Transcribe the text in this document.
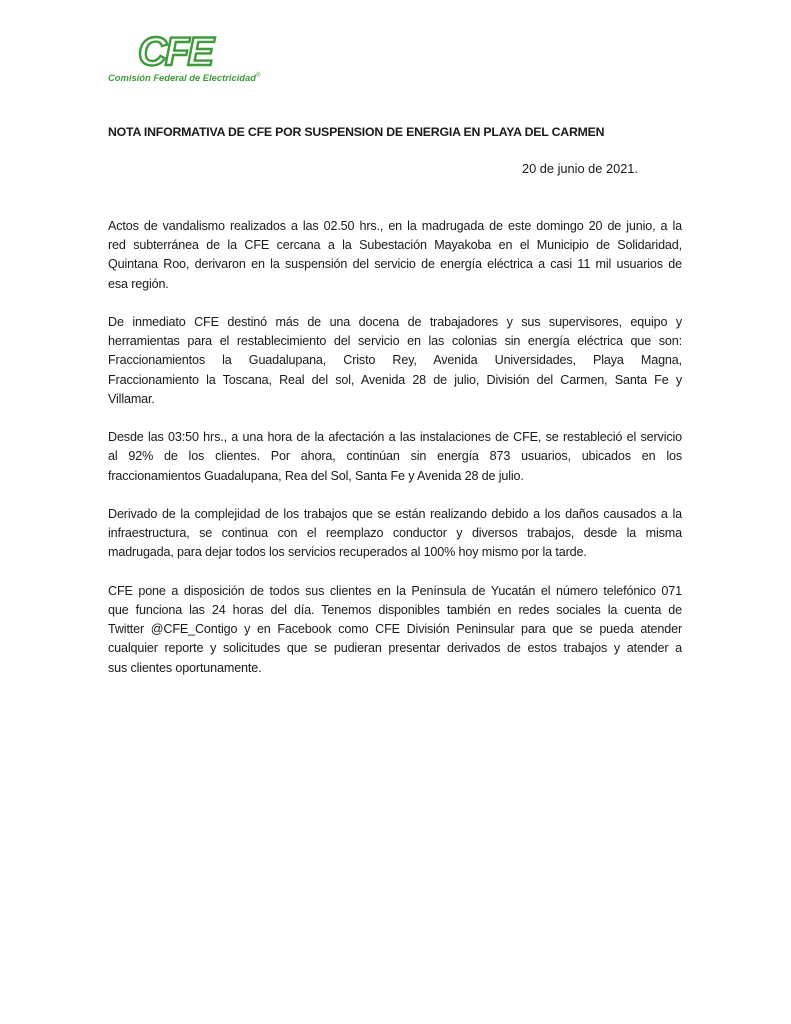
CFE
Comisión Federal de Electricidad®
NOTA INFORMATIVA DE CFE POR SUSPENSION DE ENERGIA EN PLAYA DEL CARMEN
20 de junio de 2021.

Actos de vandalismo realizados a las 02.50 hrs., en la madrugada de este domingo 20 de junio, a la
red subterránea de la CFE cercana a la Subestación Mayakoba en el Municipio de Solidaridad,
Quintana Roo, derivaron en la suspensión del servicio de energía eléctrica a casi 11 mil usuarios de
esa región.

De inmediato CFE destinó más de una docena de trabajadores y sus supervisores, equipo y
herramientas para el restablecimiento del servicio en las colonias sin energía eléctrica que son:
Fraccionamientos la Guadalupana, Cristo Rey, Avenida Universidades, Playa Magna,
Fraccionamiento la Toscana, Real del sol, Avenida 28 de julio, División del Carmen, Santa Fe y
Villamar.

Desde las 03:50 hrs., a una hora de la afectación a las instalaciones de CFE, se restableció el servicio
al 92% de los clientes. Por ahora, continúan sin energía 873 usuarios, ubicados en los
fraccionamientos Guadalupana, Rea del Sol, Santa Fe y Avenida 28 de julio.

Derivado de la complejidad de los trabajos que se están realizando debido a los daños causados a la
infraestructura, se continua con el reemplazo conductor y diversos trabajos, desde la misma
madrugada, para dejar todos los servicios recuperados al 100% hoy mismo por la tarde.

CFE pone a disposición de todos sus clientes en la Península de Yucatán el número telefónico 071
que funciona las 24 horas del día. Tenemos disponibles también en redes sociales la cuenta de
Twitter @CFE_Contigo y en Facebook como CFE División Peninsular para que se pueda atender
cualquier reporte y solicitudes que se pudieran presentar derivados de estos trabajos y atender a
sus clientes oportunamente.
